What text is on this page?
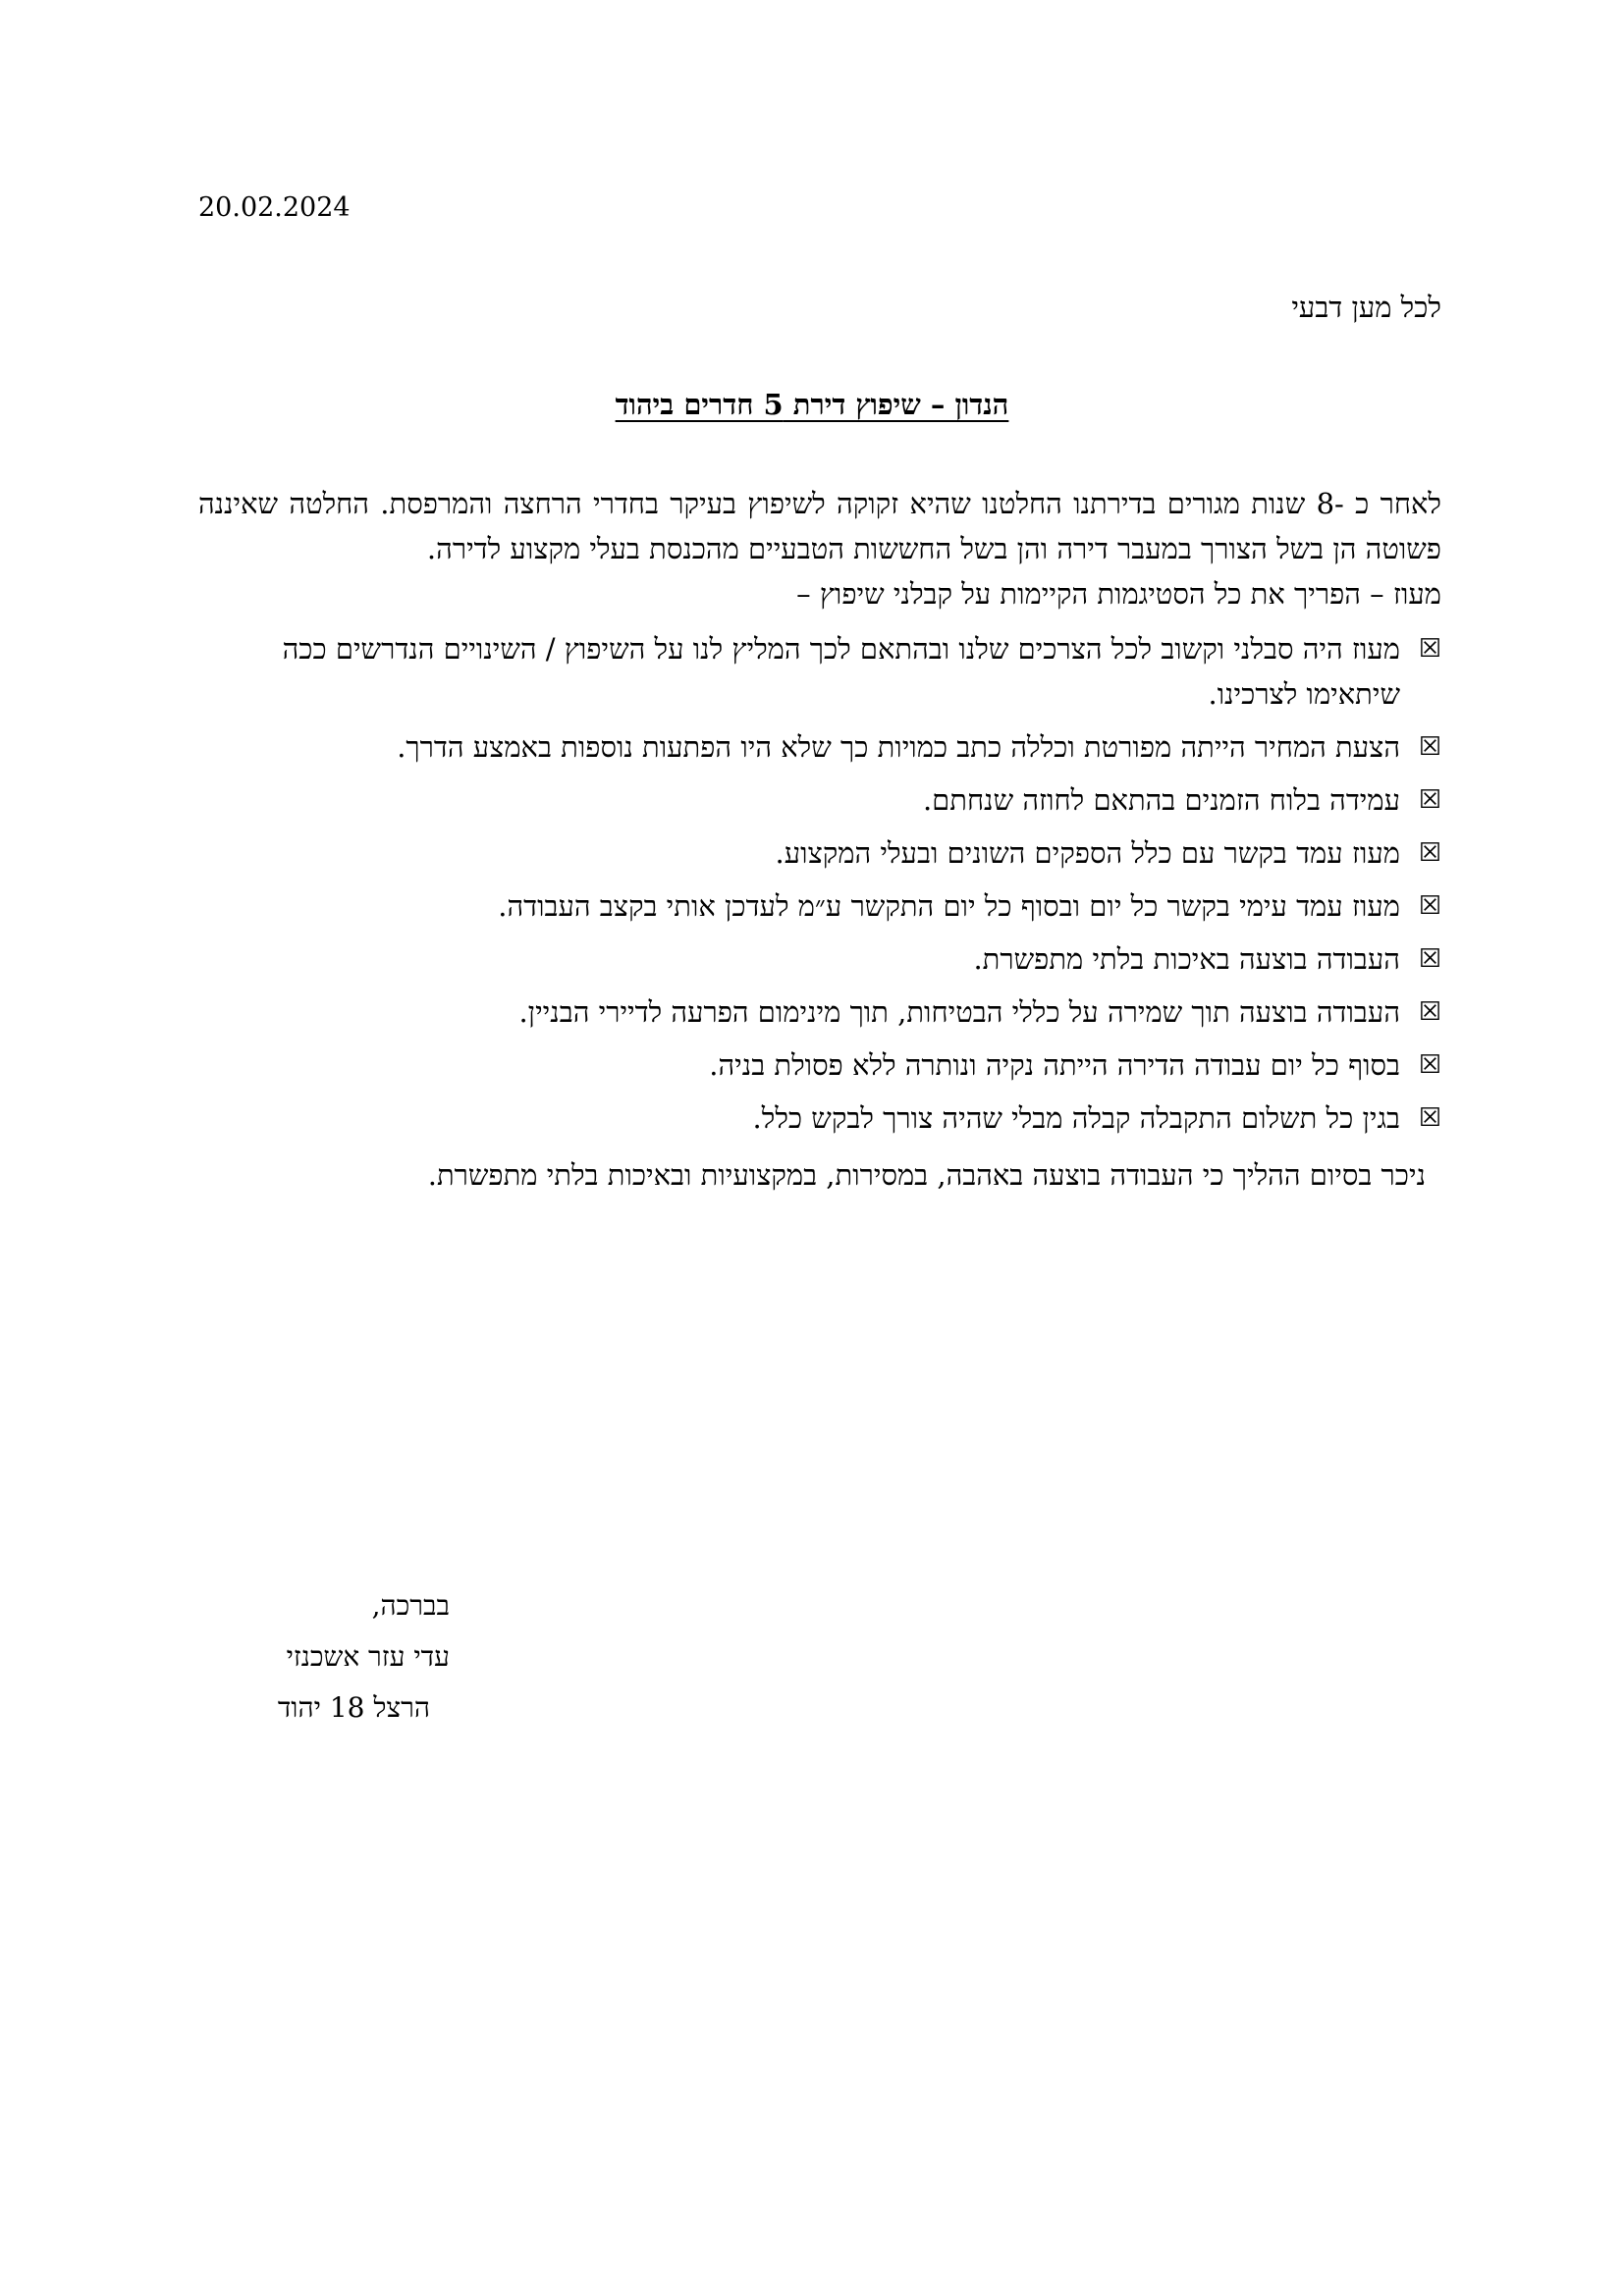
20.02.2024
לכל מען דבעי
הנדון – שיפוץ דירת 5 חדרים ביהוד

לאחר כ -8 שנות מגורים בדירתנו החלטנו שהיא זקוקה לשיפוץ בעיקר בחדרי הרחצה והמרפסת. החלטה שאיננה פשוטה הן בשל הצורך במעבר דירה והן בשל החששות הטבעיים מהכנסת בעלי מקצוע לדירה.

מעוז – הפריך את כל הסטיגמות הקיימות על קבלני שיפוץ –

☒
מעוז היה סבלני וקשוב לכל הצרכים שלנו ובהתאם לכך המליץ לנו על השיפוץ / השינויים הנדרשים ככה שיתאימו לצרכינו.
☒
הצעת המחיר הייתה מפורטת וכללה כתב כמויות כך שלא היו הפתעות נוספות באמצע הדרך.
☒
עמידה בלוח הזמנים בהתאם לחוזה שנחתם.
☒
מעוז עמד בקשר עם כלל הספקים השונים ובעלי המקצוע.
☒
מעוז עמד עימי בקשר כל יום ובסוף כל יום התקשר ע״מ לעדכן אותי בקצב העבודה.
☒
העבודה בוצעה באיכות בלתי מתפשרת.
☒
העבודה בוצעה תוך שמירה על כללי הבטיחות, תוך מינימום הפרעה לדיירי הבניין.
☒
בסוף כל יום עבודה הדירה הייתה נקיה ונותרה ללא פסולת בניה.
☒
בגין כל תשלום התקבלה קבלה מבלי שהיה צורך לבקש כלל.

ניכר בסיום ההליך כי העבודה בוצעה באהבה, במסירות, במקצועיות ובאיכות בלתי מתפשרת.

בברכה,
עדי עזר אשכנזי
הרצל 18 יהוד
